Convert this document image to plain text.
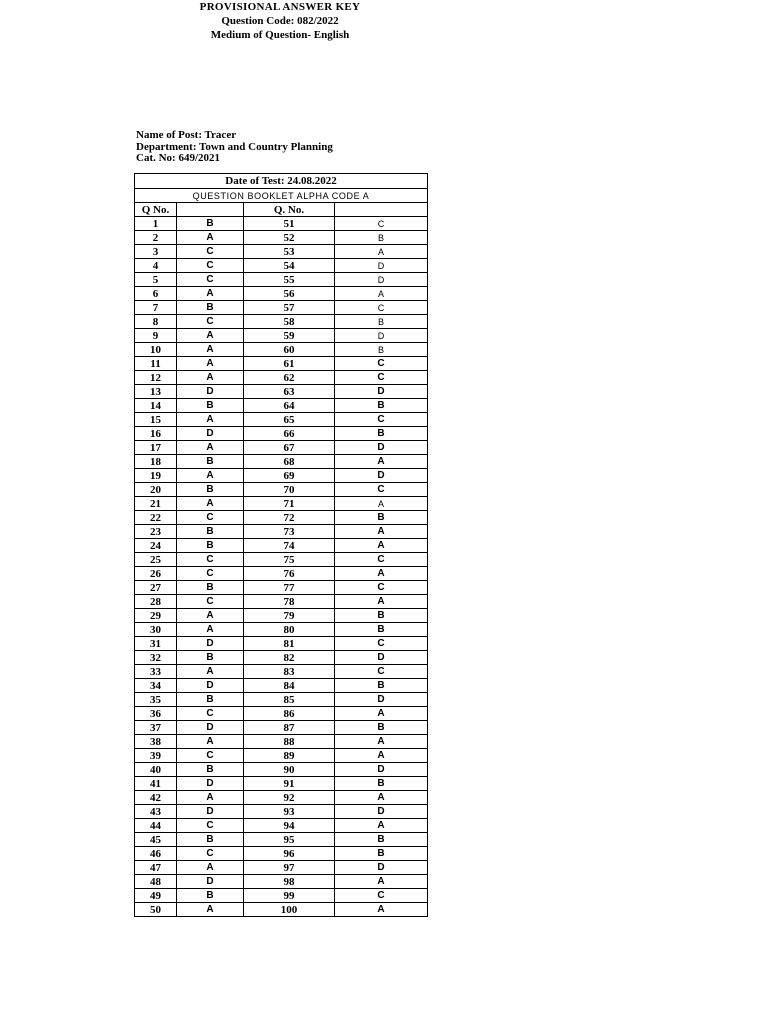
PROVISIONAL ANSWER KEY
Question Code: 082/2022
Medium of Question- English
Name of Post: Tracer
Department: Town and Country Planning
Cat. No: 649/2021
Date of Test: 24.08.2022			
QUESTION BOOKLET ALPHA CODE A			
Q No.		Q. No.	
1	B	51	C
2	A	52	B
3	C	53	A
4	C	54	D
5	C	55	D
6	A	56	A
7	B	57	C
8	C	58	B
9	A	59	D
10	A	60	B
11	A	61	C
12	A	62	C
13	D	63	D
14	B	64	B
15	A	65	C
16	D	66	B
17	A	67	D
18	B	68	A
19	A	69	D
20	B	70	C
21	A	71	A
22	C	72	B
23	B	73	A
24	B	74	A
25	C	75	C
26	C	76	A
27	B	77	C
28	C	78	A
29	A	79	B
30	A	80	B
31	D	81	C
32	B	82	D
33	A	83	C
34	D	84	B
35	B	85	D
36	C	86	A
37	D	87	B
38	A	88	A
39	C	89	A
40	B	90	D
41	D	91	B
42	A	92	A
43	D	93	D
44	C	94	A
45	B	95	B
46	C	96	B
47	A	97	D
48	D	98	A
49	B	99	C
50	A	100	A
